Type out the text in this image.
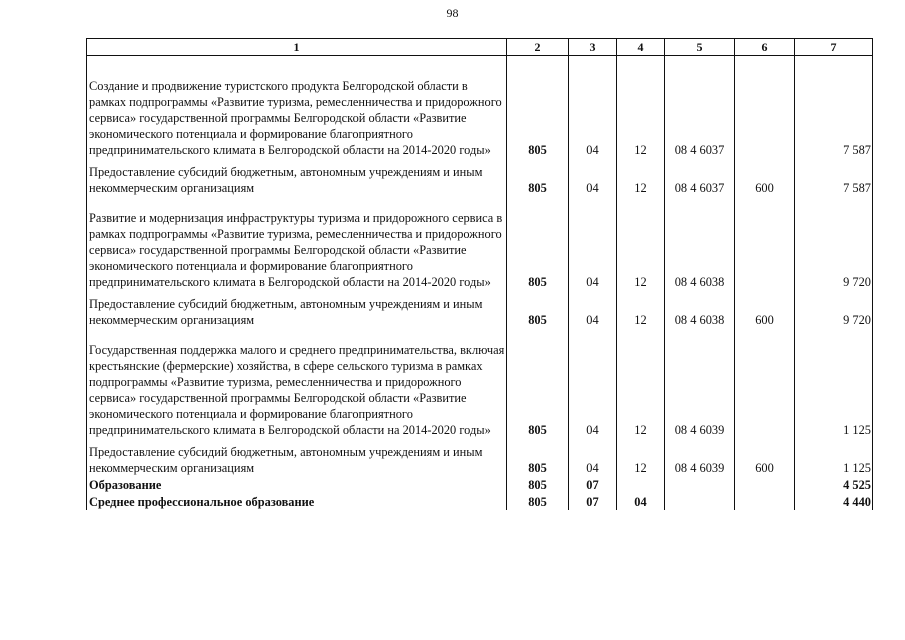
98
1	2	3	4	5	6	7
Создание и продвижение туристского продукта Белгородской области в рамках подпрограммы «Развитие туризма, ремесленничества и придорожного сервиса» государственной программы Белгородской области «Развитие экономического потенциала и формирование благоприятного предпринимательского климата в Белгородской области на 2014-2020 годы»	805	04	12	08 4 6037		7 587
Предоставление субсидий бюджетным, автономным учреждениям и иным некоммерческим организациям	805	04	12	08 4 6037	600	7 587
Развитие и модернизация инфраструктуры туризма и придорожного сервиса в рамках подпрограммы «Развитие туризма, ремесленничества и придорожного сервиса» государственной программы Белгородской области «Развитие экономического потенциала и формирование благоприятного предпринимательского климата в Белгородской области на 2014-2020 годы»	805	04	12	08 4 6038		9 720
Предоставление субсидий бюджетным, автономным учреждениям и иным некоммерческим организациям	805	04	12	08 4 6038	600	9 720
Государственная поддержка малого и среднего предпринимательства, включая крестьянские (фермерские) хозяйства, в сфере сельского туризма в рамках подпрограммы «Развитие туризма, ремесленничества и придорожного сервиса» государственной программы Белгородской области «Развитие экономического потенциала и формирование благоприятного предпринимательского климата в Белгородской области на 2014-2020 годы»	805	04	12	08 4 6039		1 125
Предоставление субсидий бюджетным, автономным учреждениям и иным некоммерческим организациям	805	04	12	08 4 6039	600	1 125
Образование	805	07				4 525
Среднее профессиональное образование	805	07	04			4 440
